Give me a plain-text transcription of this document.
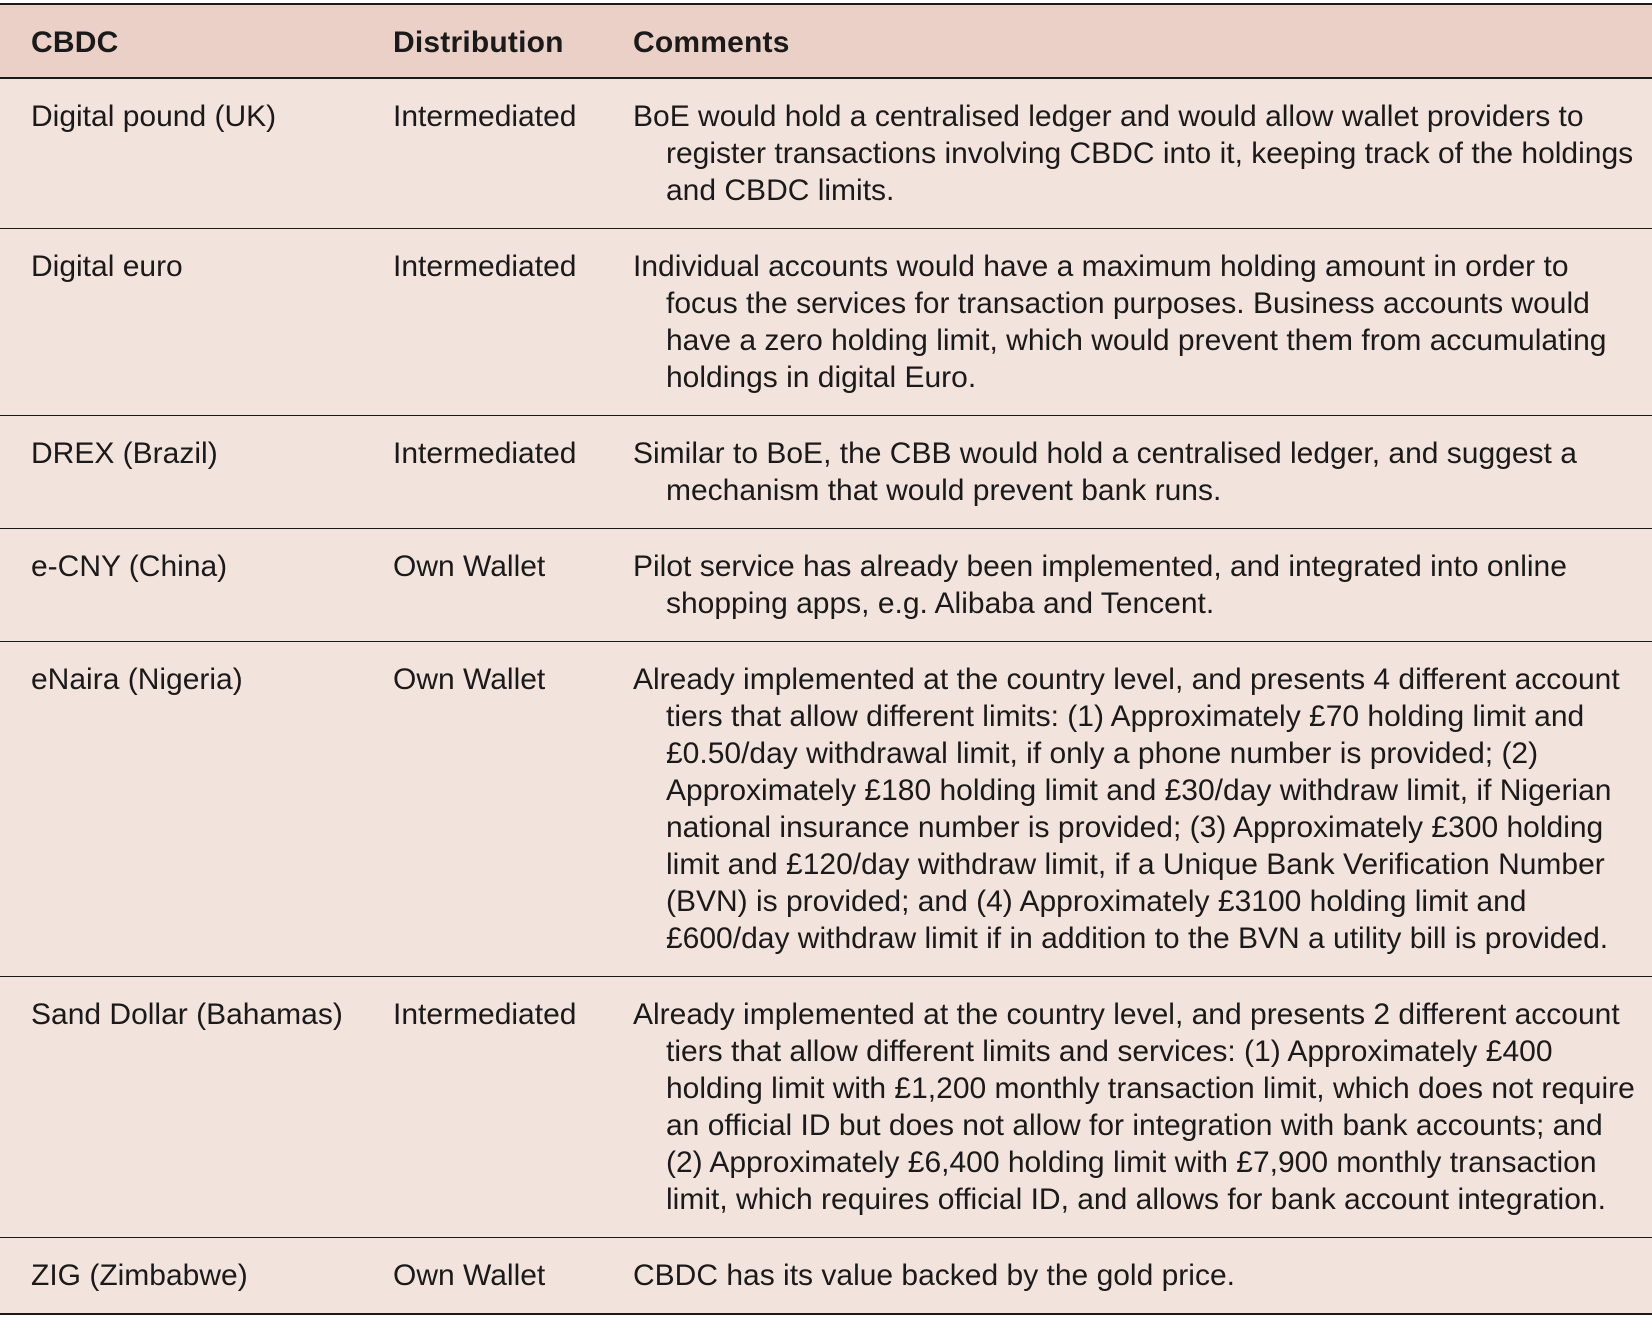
CBDC	Distribution	Comments
Digital pound (UK)	Intermediated	BoE would hold a centralised ledger and would allow wallet providers to register transactions involving CBDC into it, keeping track of the holdings and CBDC limits.

Digital euro	Intermediated	Individual accounts would have a maximum holding amount in order to focus the services for transaction purposes. Business accounts would have a zero holding limit, which would prevent them from accumulating holdings in digital Euro.

DREX (Brazil)	Intermediated	Similar to BoE, the CBB would hold a centralised ledger, and suggest a mechanism that would prevent bank runs.

e-CNY (China)	Own Wallet	Pilot service has already been implemented, and integrated into online shopping apps, e.g. Alibaba and Tencent.

eNaira (Nigeria)	Own Wallet	Already implemented at the country level, and presents 4 different account tiers that allow different limits: (1) Approximately £70 holding limit and £0.50/day withdrawal limit, if only a phone number is provided; (2) Approximately £180 holding limit and £30/day withdraw limit, if Nigerian national insurance number is provided; (3) Approximately £300 holding limit and £120/day withdraw limit, if a Unique Bank Verification Number (BVN) is provided; and (4) Approximately £3100 holding limit and £600/day withdraw limit if in addition to the BVN a utility bill is provided.

Sand Dollar (Bahamas)	Intermediated	Already implemented at the country level, and presents 2 different account tiers that allow different limits and services: (1) Approximately £400 holding limit with £1,200 monthly transaction limit, which does not require an official ID but does not allow for integration with bank accounts; and (2) Approximately £6,400 holding limit with £7,900 monthly transaction limit, which requires official ID, and allows for bank account integration.

ZIG (Zimbabwe)	Own Wallet	CBDC has its value backed by the gold price.
